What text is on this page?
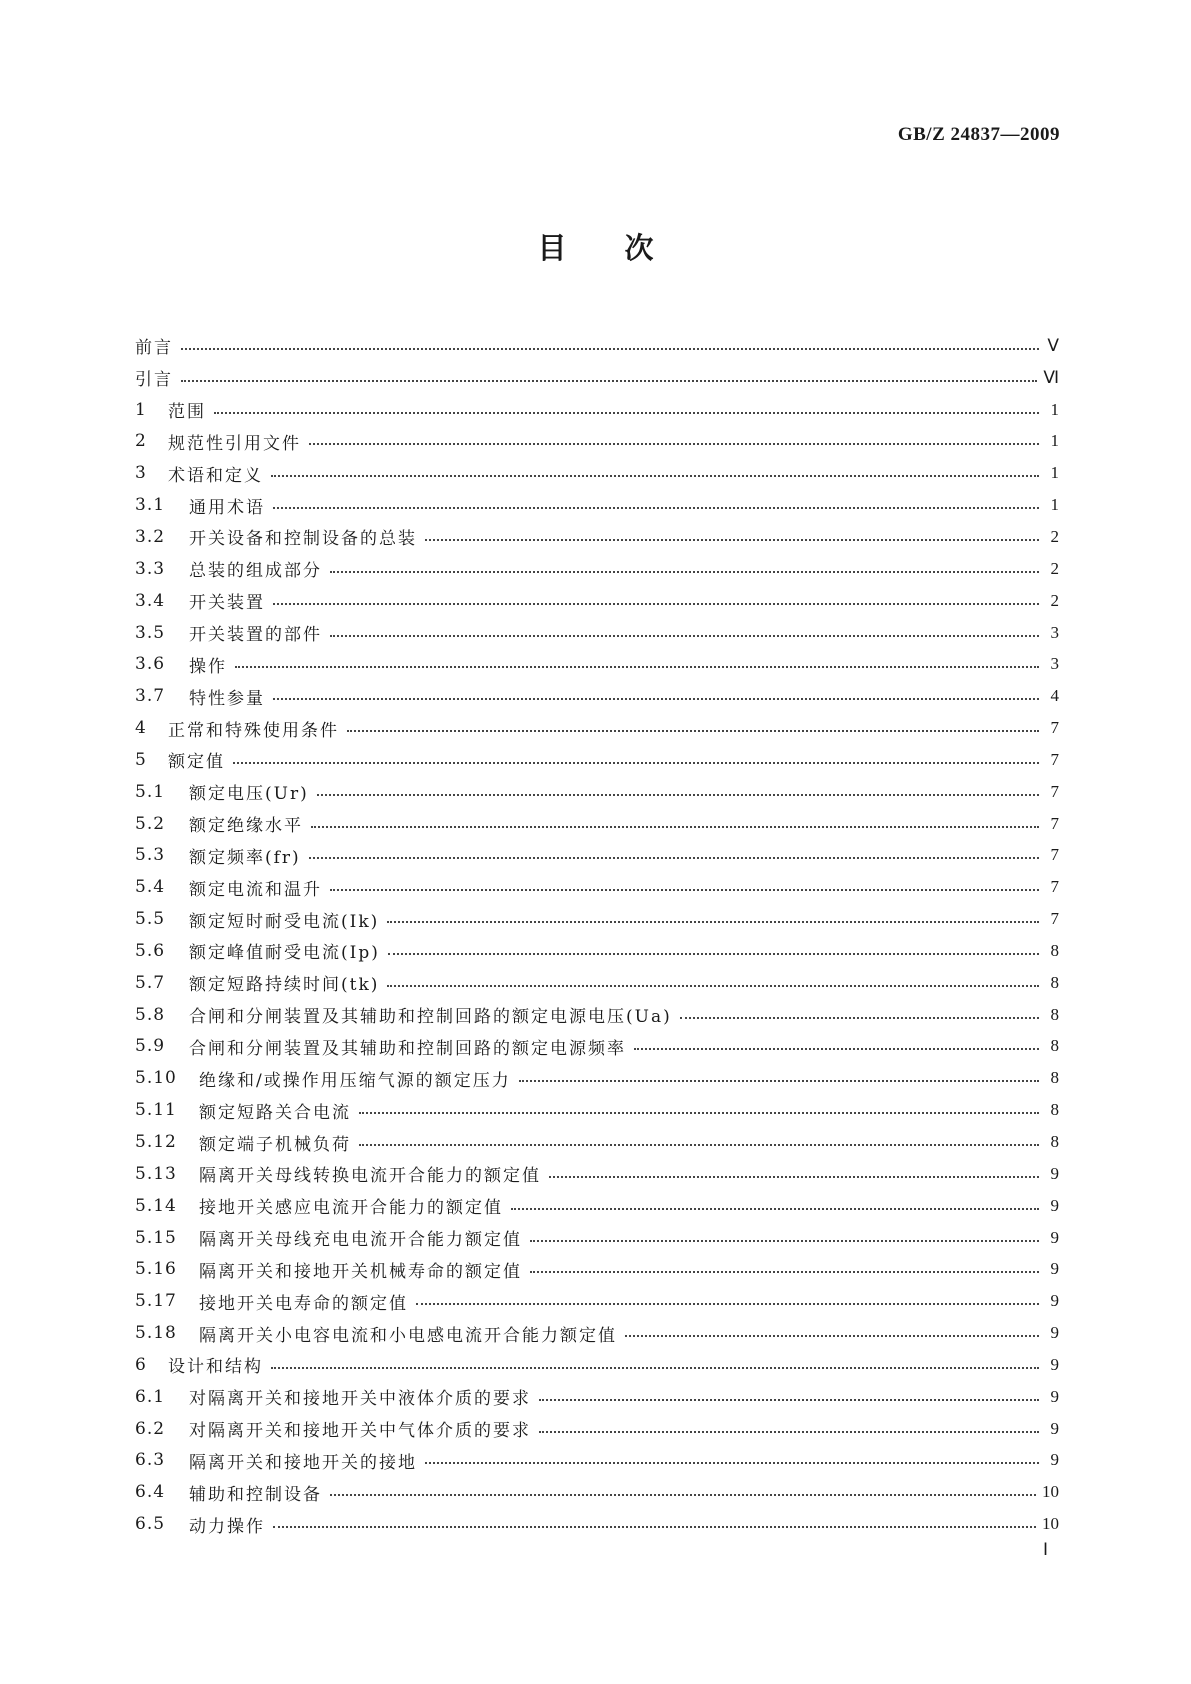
GB/Z 24837—2009
目次
前言	Ⅴ
引言	Ⅵ
1	范围	1
2	规范性引用文件	1
3	术语和定义	1
3.1	通用术语	1
3.2	开关设备和控制设备的总装	2
3.3	总装的组成部分	2
3.4	开关装置	2
3.5	开关装置的部件	3
3.6	操作	3
3.7	特性参量	4
4	正常和特殊使用条件	7
5	额定值	7
5.1	额定电压(Ur)	7
5.2	额定绝缘水平	7
5.3	额定频率(fr)	7
5.4	额定电流和温升	7
5.5	额定短时耐受电流(Ik)	7
5.6	额定峰值耐受电流(Ip)	8
5.7	额定短路持续时间(tk)	8
5.8	合闸和分闸装置及其辅助和控制回路的额定电源电压(Ua)	8
5.9	合闸和分闸装置及其辅助和控制回路的额定电源频率	8
5.10	绝缘和/或操作用压缩气源的额定压力	8
5.11	额定短路关合电流	8
5.12	额定端子机械负荷	8
5.13	隔离开关母线转换电流开合能力的额定值	9
5.14	接地开关感应电流开合能力的额定值	9
5.15	隔离开关母线充电电流开合能力额定值	9
5.16	隔离开关和接地开关机械寿命的额定值	9
5.17	接地开关电寿命的额定值	9
5.18	隔离开关小电容电流和小电感电流开合能力额定值	9
6	设计和结构	9
6.1	对隔离开关和接地开关中液体介质的要求	9
6.2	对隔离开关和接地开关中气体介质的要求	9
6.3	隔离开关和接地开关的接地	9
6.4	辅助和控制设备	10
6.5	动力操作	10
Ⅰ
